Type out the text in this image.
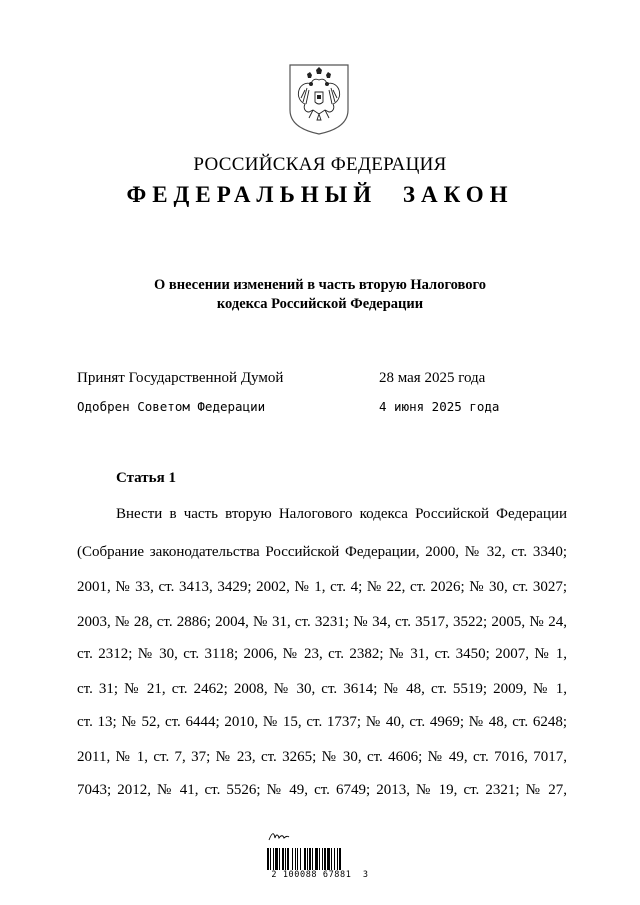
РОССИЙСКАЯ ФЕДЕРАЦИЯ
ФЕДЕРАЛЬНЫЙ ЗАКОН
О внесении изменений в часть вторую Налогового
кодекса Российской Федерации
Принят Государственной Думой	28 мая 2025 года
Одобрен Советом Федерации	4 июня 2025 года
Статья 1
Внести в часть вторую Налогового кодекса Российской Федерации
(Собрание законодательства Российской Федерации, 2000, № 32, ст. 3340;
2001, № 33, ст. 3413, 3429; 2002, № 1, ст. 4; № 22, ст. 2026; № 30, ст. 3027;
2003, № 28, ст. 2886; 2004, № 31, ст. 3231; № 34, ст. 3517, 3522; 2005, № 24,
ст. 2312; № 30, ст. 3118; 2006, № 23, ст. 2382; № 31, ст. 3450; 2007, № 1,
ст. 31; № 21, ст. 2462; 2008, № 30, ст. 3614; № 48, ст. 5519; 2009, № 1,
ст. 13; № 52, ст. 6444; 2010, № 15, ст. 1737; № 40, ст. 4969; № 48, ст. 6248;
2011, № 1, ст. 7, 37; № 23, ст. 3265; № 30, ст. 4606; № 49, ст. 7016, 7017,
7043; 2012, № 41, ст. 5526; № 49, ст. 6749; 2013, № 19, ст. 2321; № 27,
2 100088 67881  3
